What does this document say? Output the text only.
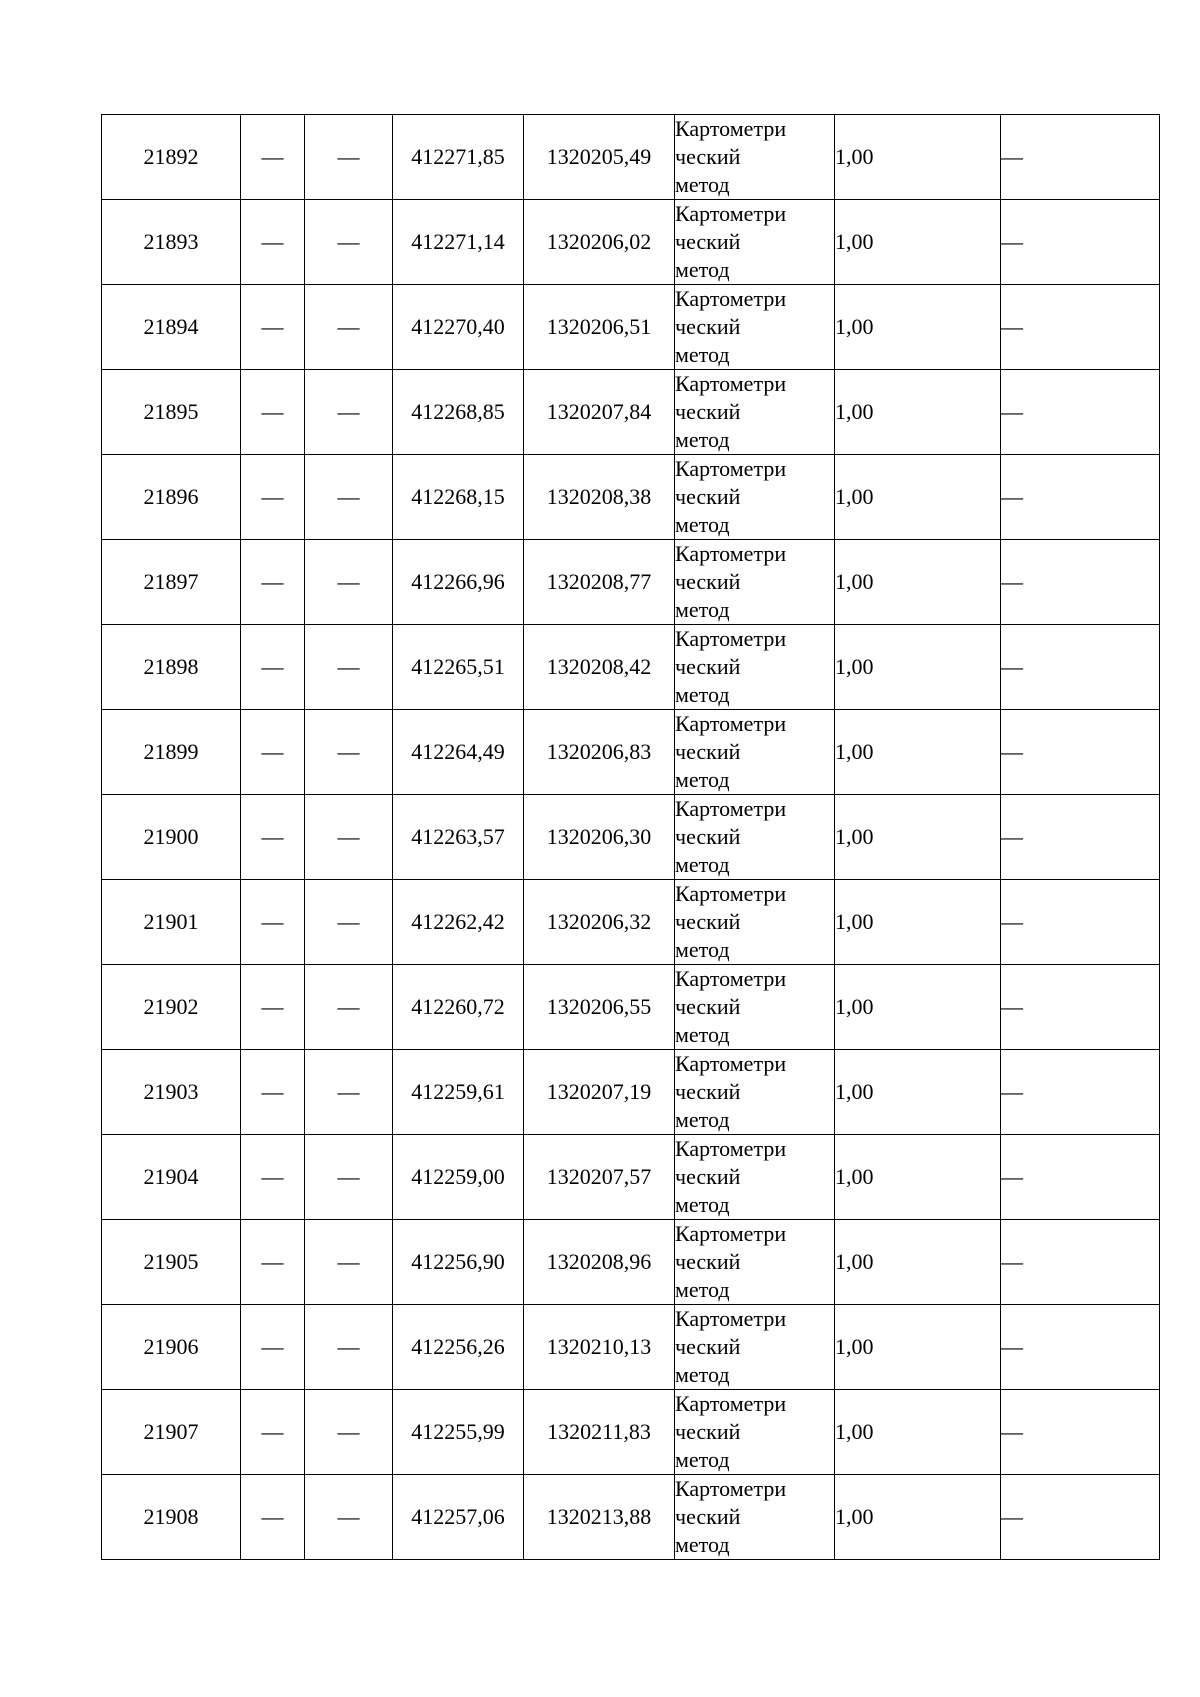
21892	—	—	412271,85	1320205,49	Картометри
ческий
метод	1,00	—
21893	—	—	412271,14	1320206,02	Картометри
ческий
метод	1,00	—
21894	—	—	412270,40	1320206,51	Картометри
ческий
метод	1,00	—
21895	—	—	412268,85	1320207,84	Картометри
ческий
метод	1,00	—
21896	—	—	412268,15	1320208,38	Картометри
ческий
метод	1,00	—
21897	—	—	412266,96	1320208,77	Картометри
ческий
метод	1,00	—
21898	—	—	412265,51	1320208,42	Картометри
ческий
метод	1,00	—
21899	—	—	412264,49	1320206,83	Картометри
ческий
метод	1,00	—
21900	—	—	412263,57	1320206,30	Картометри
ческий
метод	1,00	—
21901	—	—	412262,42	1320206,32	Картометри
ческий
метод	1,00	—
21902	—	—	412260,72	1320206,55	Картометри
ческий
метод	1,00	—
21903	—	—	412259,61	1320207,19	Картометри
ческий
метод	1,00	—
21904	—	—	412259,00	1320207,57	Картометри
ческий
метод	1,00	—
21905	—	—	412256,90	1320208,96	Картометри
ческий
метод	1,00	—
21906	—	—	412256,26	1320210,13	Картометри
ческий
метод	1,00	—
21907	—	—	412255,99	1320211,83	Картометри
ческий
метод	1,00	—
21908	—	—	412257,06	1320213,88	Картометри
ческий
метод	1,00	—
